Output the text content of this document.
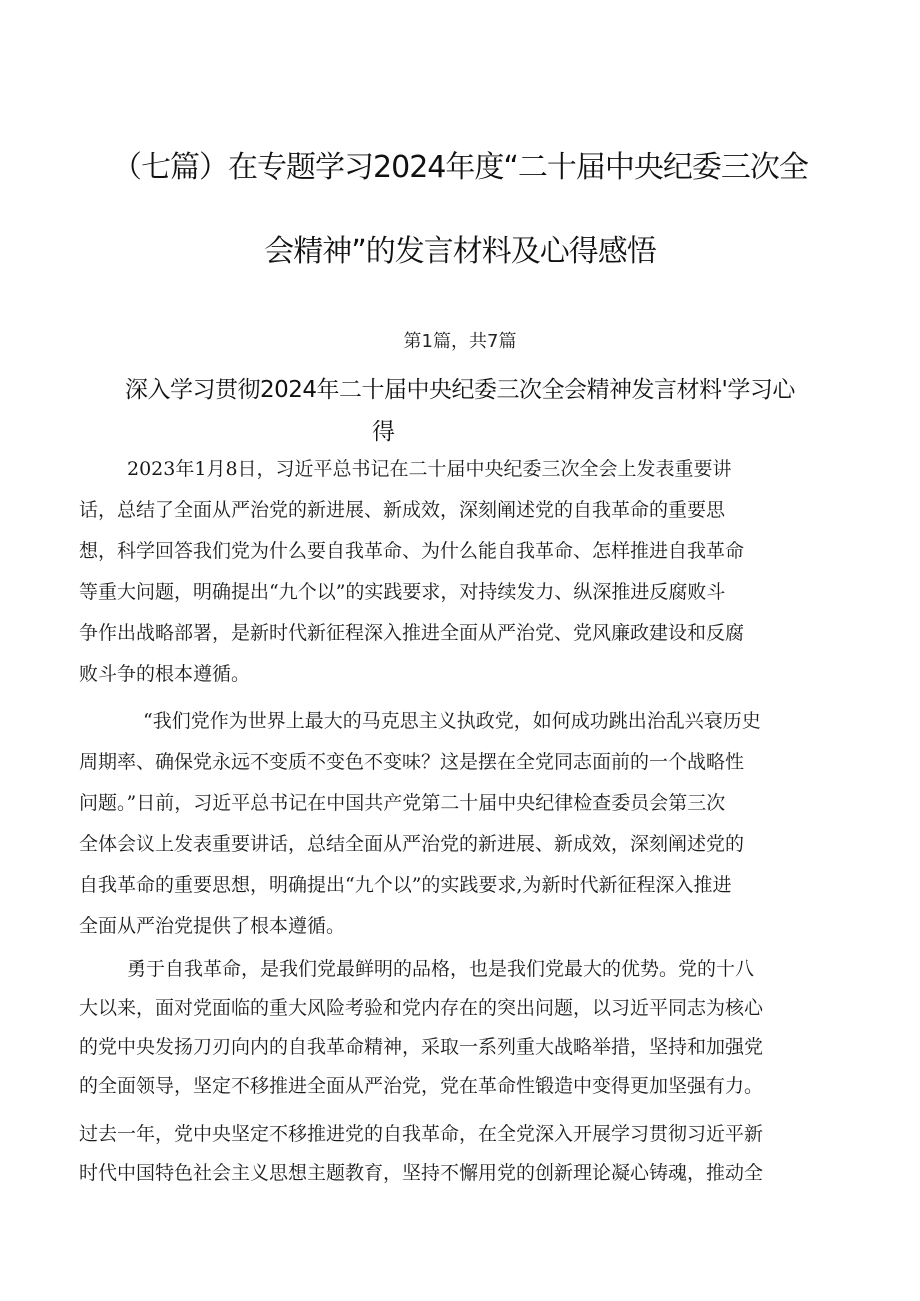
（七篇）在专题学习2024年度“二十届中央纪委三次全
会精神”的发言材料及心得感悟
第1篇，共7篇
深入学习贯彻2024年二十届中央纪委三次全会精神发言材料'学习心
得
2023年1月8日，习近平总书记在二十届中央纪委三次全会上发表重要讲
话，总结了全面从严治党的新进展、新成效，深刻阐述党的自我革命的重要思
想，科学回答我们党为什么要自我革命、为什么能自我革命、怎样推进自我革命
等重大问题，明确提出“九个以”的实践要求，对持续发力、纵深推进反腐败斗
争作出战略部署，是新时代新征程深入推进全面从严治党、党风廉政建设和反腐
败斗争的根本遵循。
“我们党作为世界上最大的马克思主义执政党，如何成功跳出治乱兴衰历史
周期率、确保党永远不变质不变色不变味？这是摆在全党同志面前的一个战略性
问题。”日前，习近平总书记在中国共产党第二十届中央纪律检查委员会第三次
全体会议上发表重要讲话，总结全面从严治党的新进展、新成效，深刻阐述党的
自我革命的重要思想，明确提出“九个以”的实践要求,为新时代新征程深入推进
全面从严治党提供了根本遵循。
勇于自我革命，是我们党最鲜明的品格，也是我们党最大的优势。党的十八
大以来，面对党面临的重大风险考验和党内存在的突出问题，以习近平同志为核心
的党中央发扬刀刃向内的自我革命精神，采取一系列重大战略举措，坚持和加强党
的全面领导，坚定不移推进全面从严治党，党在革命性锻造中变得更加坚强有力。
过去一年，党中央坚定不移推进党的自我革命，在全党深入开展学习贯彻习近平新
时代中国特色社会主义思想主题教育，坚持不懈用党的创新理论凝心铸魂，推动全
